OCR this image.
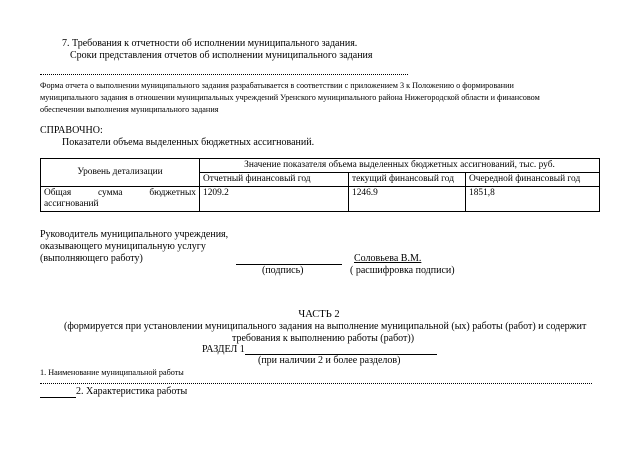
7. Требования к отчетности об исполнении муниципального задания.
Сроки представления отчетов об исполнении муниципального задания
Форма отчета о выполнении муниципального задания разрабатывается в соответствии с приложением 3 к Положению о формировании
муниципального задания в отношении муниципальных учреждений Уренского муниципального района Нижегородской области и финансовом
обеспечении выполнения муниципального задания
СПРАВОЧНО:
Показатели объема выделенных бюджетных ассигнований.
Уровень детализации	Значение показателя объема выделенных бюджетных ассигнований, тыс. руб.		
	Отчетный финансовый год	текущий финансовый год	Очередной финансовый год

Общая сумма бюджетных
ассигнований	1209.2	1246.9	1851,8
Руководитель муниципального учреждения,
оказывающего муниципальную услугу
(выполняющего работу)	Соловьева В.М.
(подпись)	( расшифровка подписи)
ЧАСТЬ 2
(формируется при установлении муниципального задания на выполнение муниципальной (ых) работы (работ) и содержит
требования к выполнению работы (работ))
РАЗДЕЛ 1
(при наличии 2 и более разделов)
1. Наименование муниципальной работы
2. Характеристика работы
